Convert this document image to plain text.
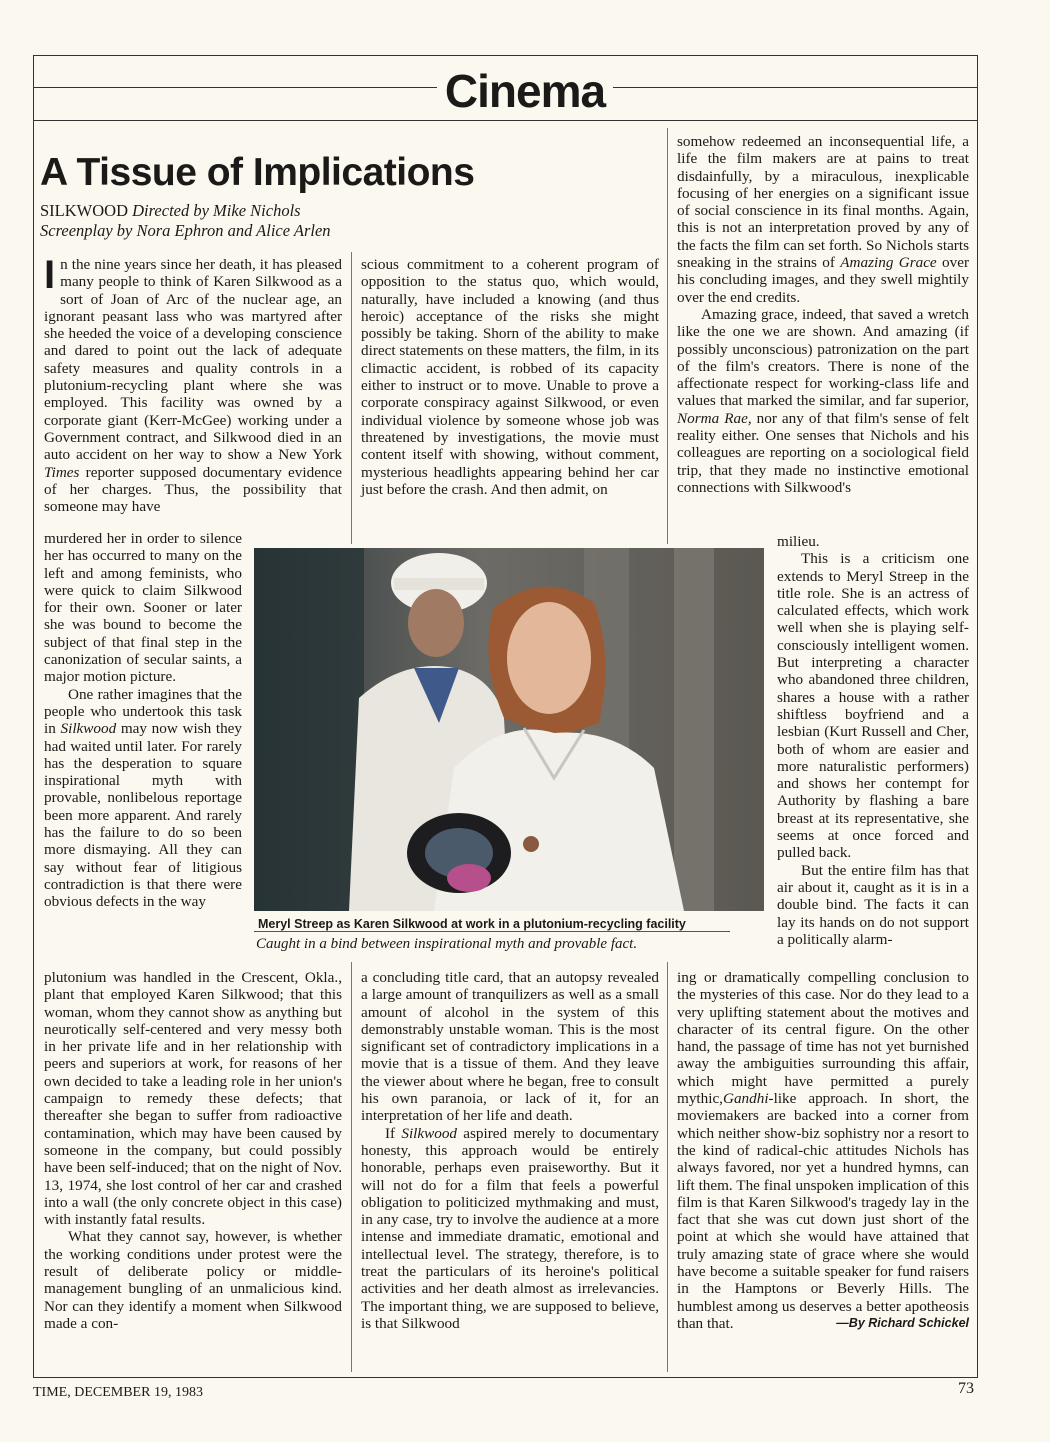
Cinema
A Tissue of Implications
SILKWOOD Directed by Mike Nichols
Screenplay by Nora Ephron and Alice Arlen

In the nine years since her death, it has pleased many people to think of Karen Silkwood as a sort of Joan of Arc of the nuclear age, an ignorant peasant lass who was martyred after she heeded the voice of a developing conscience and dared to point out the lack of adequate safety measures and quality controls in a plutonium-recycling plant where she was employed. This facility was owned by a corporate giant (Kerr-McGee) working under a Government contract, and Silkwood died in an auto accident on her way to show a New York Times reporter supposed documentary evidence of her charges. Thus, the possibility that someone may have

murdered her in order to silence her has occurred to many on the left and among feminists, who were quick to claim Silkwood for their own. Sooner or later she was bound to become the subject of that final step in the canonization of secular saints, a major motion picture.

One rather imagines that the people who undertook this task in Silkwood may now wish they had waited until later. For rarely has the desperation to square inspirational myth with provable, nonlibelous reportage been more apparent. And rarely has the failure to do so been more dismaying. All they can say without fear of litigious contradiction is that there were obvious defects in the way

plutonium was handled in the Crescent, Okla., plant that employed Karen Silkwood; that this woman, whom they cannot show as anything but neurotically self-centered and very messy both in her private life and in her relationship with peers and superiors at work, for reasons of her own decided to take a leading role in her union's campaign to remedy these defects; that thereafter she began to suffer from radioactive contamination, which may have been caused by someone in the company, but could possibly have been self-induced; that on the night of Nov. 13, 1974, she lost control of her car and crashed into a wall (the only concrete object in this case) with instantly fatal results.

What they cannot say, however, is whether the working conditions under protest were the result of deliberate policy or middle-management bungling of an unmalicious kind. Nor can they identify a moment when Silkwood made a con-

scious commitment to a coherent program of opposition to the status quo, which would, naturally, have included a knowing (and thus heroic) acceptance of the risks she might possibly be taking. Shorn of the ability to make direct statements on these matters, the film, in its climactic accident, is robbed of its capacity either to instruct or to move. Unable to prove a corporate conspiracy against Silkwood, or even individual violence by someone whose job was threatened by investigations, the movie must content itself with showing, without comment, mysterious headlights appearing behind her car just before the crash. And then admit, on

a concluding title card, that an autopsy revealed a large amount of tranquilizers as well as a small amount of alcohol in the system of this demonstrably unstable woman. This is the most significant set of contradictory implications in a movie that is a tissue of them. And they leave the viewer about where he began, free to consult his own paranoia, or lack of it, for an interpretation of her life and death.

If Silkwood aspired merely to documentary honesty, this approach would be entirely honorable, perhaps even praiseworthy. But it will not do for a film that feels a powerful obligation to politicized mythmaking and must, in any case, try to involve the audience at a more intense and immediate dramatic, emotional and intellectual level. The strategy, therefore, is to treat the particulars of its heroine's political activities and her death almost as irrelevancies. The important thing, we are supposed to believe, is that Silkwood

somehow redeemed an inconsequential life, a life the film makers are at pains to treat disdainfully, by a miraculous, inexplicable focusing of her energies on a significant issue of social conscience in its final months. Again, this is not an interpretation proved by any of the facts the film can set forth. So Nichols starts sneaking in the strains of Amazing Grace over his concluding images, and they swell mightily over the end credits.

Amazing grace, indeed, that saved a wretch like the one we are shown. And amazing (if possibly unconscious) patronization on the part of the film's creators. There is none of the affectionate respect for working-class life and values that marked the similar, and far superior, Norma Rae, nor any of that film's sense of felt reality either. One senses that Nichols and his colleagues are reporting on a sociological field trip, that they made no instinctive emotional connections with Silkwood's

milieu.

This is a criticism one extends to Meryl Streep in the title role. She is an actress of calculated effects, which work well when she is playing self-consciously intelligent women. But interpreting a character who abandoned three children, shares a house with a rather shiftless boyfriend and a lesbian (Kurt Russell and Cher, both of whom are easier and more naturalistic performers) and shows her contempt for Authority by flashing a bare breast at its representative, she seems at once forced and pulled back.

But the entire film has that air about it, caught as it is in a double bind. The facts it can lay its hands on do not support a politically alarm-

ing or dramatically compelling conclusion to the mysteries of this case. Nor do they lead to a very uplifting statement about the motives and character of its central figure. On the other hand, the passage of time has not yet burnished away the ambiguities surrounding this affair, which might have permitted a purely mythic,Gandhi-like approach. In short, the moviemakers are backed into a corner from which neither show-biz sophistry nor a resort to the kind of radical-chic attitudes Nichols has always favored, nor yet a hundred hymns, can lift them. The final unspoken implication of this film is that Karen Silkwood's tragedy lay in the fact that she was cut down just short of the point at which she would have attained that truly amazing state of grace where she would have become a suitable speaker for fund raisers in the Hamptons or Beverly Hills. The humblest among us deserves a better apotheosis than that.	—By Richard Schickel

Meryl Streep as Karen Silkwood at work in a plutonium-recycling facility
Caught in a bind between inspirational myth and provable fact.
TIME, DECEMBER 19, 1983	73
